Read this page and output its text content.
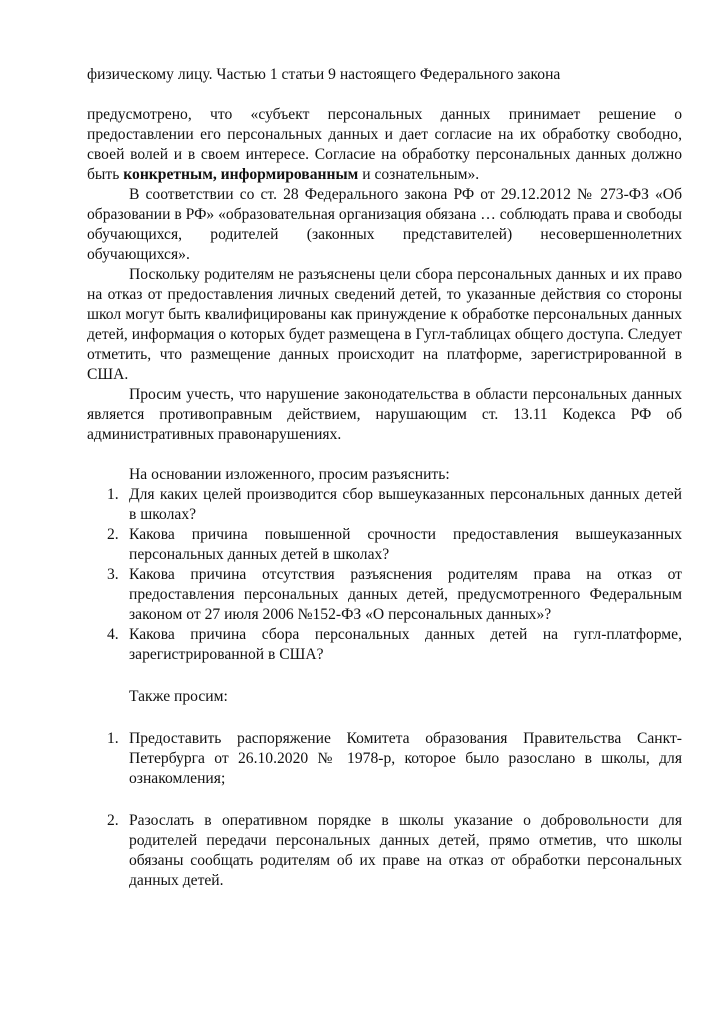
физическому лицу. Частью 1 статьи 9 настоящего Федерального закона

предусмотрено, что «субъект персональных данных принимает решение о предоставлении его персональных данных и дает согласие на их обработку свободно, своей волей и в своем интересе. Согласие на обработку персональных данных должно быть конкретным, информированным и сознательным».

В соответствии со ст. 28 Федерального закона РФ от 29.12.2012 № 273-ФЗ «Об образовании в РФ» «образовательная организация обязана … соблюдать права и свободы обучающихся, родителей (законных представителей) несовершеннолетних обучающихся».

Поскольку родителям не разъяснены цели сбора персональных данных и их право на отказ от предоставления личных сведений детей, то указанные действия со стороны школ могут быть квалифицированы как принуждение к обработке персональных данных детей, информация о которых будет размещена в Гугл-таблицах общего доступа. Следует отметить, что размещение данных происходит на платформе, зарегистрированной в США.

Просим учесть, что нарушение законодательства в области персональных данных является противоправным действием, нарушающим ст. 13.11 Кодекса РФ об административных правонарушениях.

На основании изложенного, просим разъяснить:

1. Для каких целей производится сбор вышеуказанных персональных данных детей в школах?
2. Какова причина повышенной срочности предоставления вышеуказанных персональных данных детей в школах?
3. Какова причина отсутствия разъяснения родителям права на отказ от предоставления персональных данных детей, предусмотренного Федеральным законом от 27 июля 2006 №152-ФЗ «О персональных данных»?
4. Какова причина сбора персональных данных детей на гугл-платформе, зарегистрированной в США?

Также просим:

1. Предоставить распоряжение Комитета образования Правительства Санкт-Петербурга от 26.10.2020 № 1978-р, которое было разослано в школы, для ознакомления;
2. Разослать в оперативном порядке в школы указание о добровольности для родителей передачи персональных данных детей, прямо отметив, что школы обязаны сообщать родителям об их праве на отказ от обработки персональных данных детей.
